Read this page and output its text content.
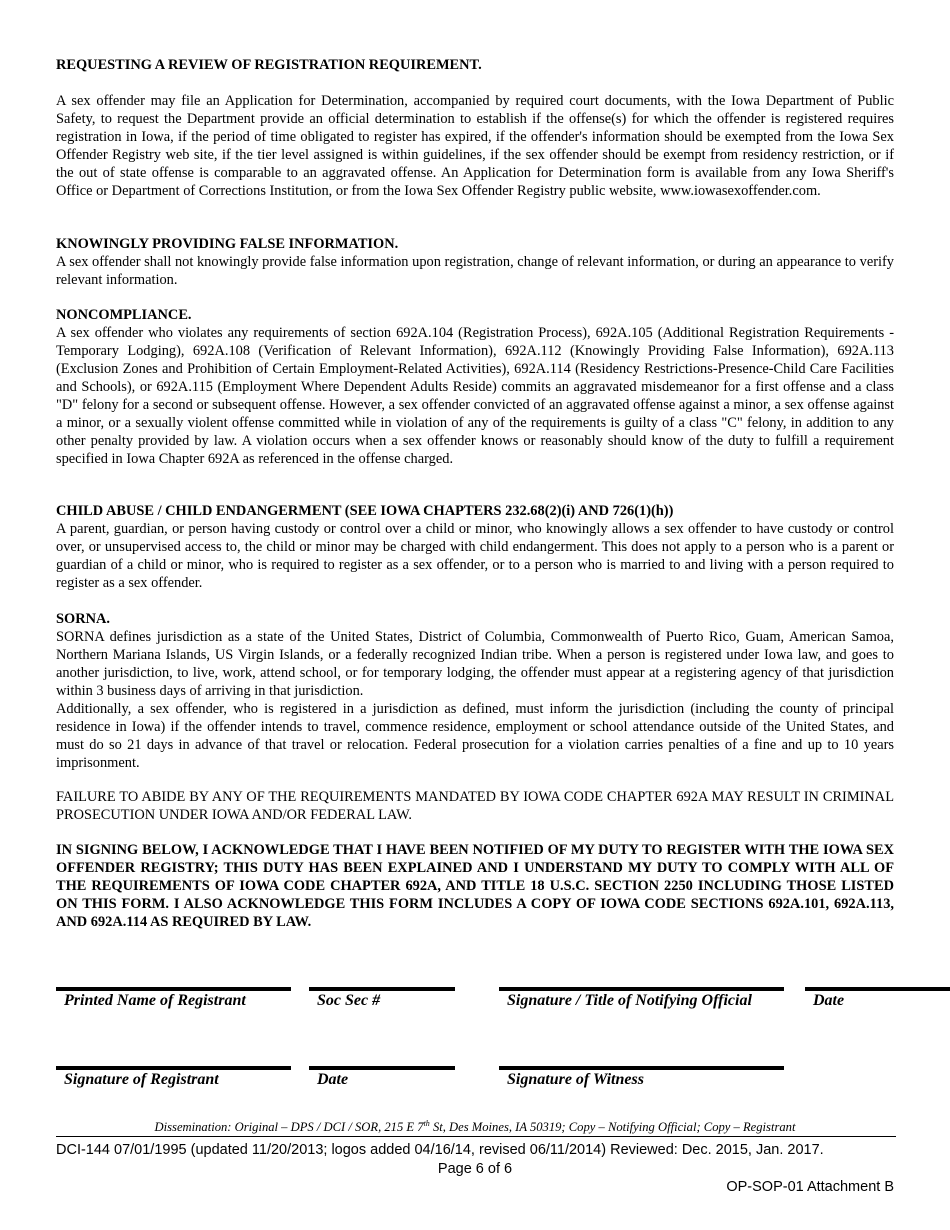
REQUESTING A REVIEW OF REGISTRATION REQUIREMENT.

A sex offender may file an Application for Determination, accompanied by required court documents, with the Iowa Department of Public Safety, to request the Department provide an official determination to establish if the offense(s) for which the offender is registered requires registration in Iowa, if the period of time obligated to register has expired, if the offender's information should be exempted from the Iowa Sex Offender Registry web site, if the tier level assigned is within guidelines, if the sex offender should be exempt from residency restriction, or if the out of state offense is comparable to an aggravated offense. An Application for Determination form is available from any Iowa Sheriff's Office or Department of Corrections Institution, or from the Iowa Sex Offender Registry public website, www.iowasexoffender.com.

KNOWINGLY PROVIDING FALSE INFORMATION.

A sex offender shall not knowingly provide false information upon registration, change of relevant information, or during an appearance to verify relevant information.

NONCOMPLIANCE.

A sex offender who violates any requirements of section 692A.104 (Registration Process), 692A.105 (Additional Registration Requirements - Temporary Lodging), 692A.108 (Verification of Relevant Information), 692A.112 (Knowingly Providing False Information), 692A.113 (Exclusion Zones and Prohibition of Certain Employment-Related Activities), 692A.114 (Residency Restrictions-Presence-Child Care Facilities and Schools), or 692A.115 (Employment Where Dependent Adults Reside) commits an aggravated misdemeanor for a first offense and a class "D" felony for a second or subsequent offense. However, a sex offender convicted of an aggravated offense against a minor, a sex offense against a minor, or a sexually violent offense committed while in violation of any of the requirements is guilty of a class "C" felony, in addition to any other penalty provided by law. A violation occurs when a sex offender knows or reasonably should know of the duty to fulfill a requirement specified in Iowa Chapter 692A as referenced in the offense charged.

CHILD ABUSE / CHILD ENDANGERMENT (SEE IOWA CHAPTERS 232.68(2)(i) AND 726(1)(h))

A parent, guardian, or person having custody or control over a child or minor, who knowingly allows a sex offender to have custody or control over, or unsupervised access to, the child or minor may be charged with child endangerment. This does not apply to a person who is a parent or guardian of a child or minor, who is required to register as a sex offender, or to a person who is married to and living with a person required to register as a sex offender.

SORNA.

SORNA defines jurisdiction as a state of the United States, District of Columbia, Commonwealth of Puerto Rico, Guam, American Samoa, Northern Mariana Islands, US Virgin Islands, or a federally recognized Indian tribe. When a person is registered under Iowa law, and goes to another jurisdiction, to live, work, attend school, or for temporary lodging, the offender must appear at a registering agency of that jurisdiction within 3 business days of arriving in that jurisdiction.

Additionally, a sex offender, who is registered in a jurisdiction as defined, must inform the jurisdiction (including the county of principal residence in Iowa) if the offender intends to travel, commence residence, employment or school attendance outside of the United States, and must do so 21 days in advance of that travel or relocation. Federal prosecution for a violation carries penalties of a fine and up to 10 years imprisonment.

FAILURE TO ABIDE BY ANY OF THE REQUIREMENTS MANDATED BY IOWA CODE CHAPTER 692A MAY RESULT IN CRIMINAL PROSECUTION UNDER IOWA AND/OR FEDERAL LAW.

IN SIGNING BELOW, I ACKNOWLEDGE THAT I HAVE BEEN NOTIFIED OF MY DUTY TO REGISTER WITH THE IOWA SEX OFFENDER REGISTRY; THIS DUTY HAS BEEN EXPLAINED AND I UNDERSTAND MY DUTY TO COMPLY WITH ALL OF THE REQUIREMENTS OF IOWA CODE CHAPTER 692A, AND TITLE 18 U.S.C. SECTION 2250 INCLUDING THOSE LISTED ON THIS FORM. I ALSO ACKNOWLEDGE THIS FORM INCLUDES A COPY OF IOWA CODE SECTIONS 692A.101, 692A.113, AND 692A.114 AS REQUIRED BY LAW.

Printed Name of Registrant	Soc Sec #	Signature / Title of Notifying Official	Date
Signature of Registrant	Date	Signature of Witness
Dissemination: Original – DPS / DCI / SOR, 215 E 7th St, Des Moines, IA 50319; Copy – Notifying Official; Copy – Registrant
DCI-144 07/01/1995 (updated 11/20/2013; logos added 04/16/14, revised 06/11/2014) Reviewed: Dec. 2015, Jan. 2017.
Page 6 of 6
OP-SOP-01 Attachment B
